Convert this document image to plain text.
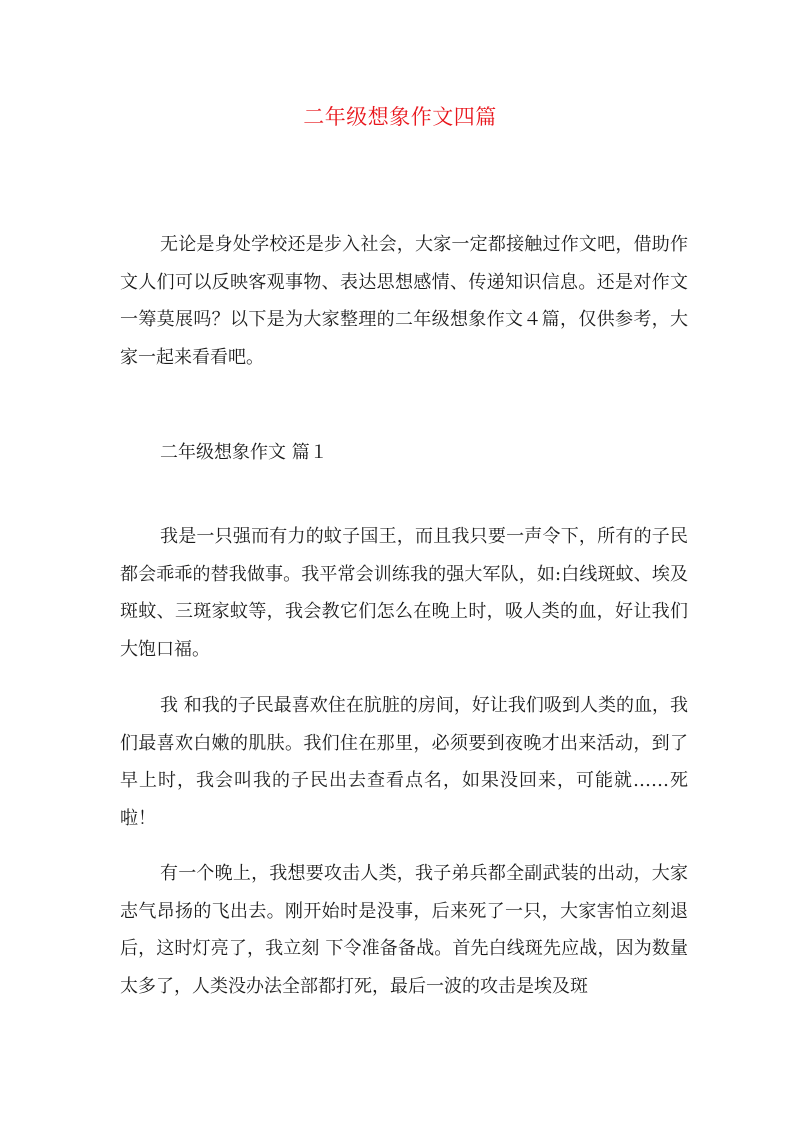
二年级想象作文四篇

无论是身处学校还是步入社会，大家一定都接触过作文吧，借助作文人们可以反映客观事物、表达思想感情、传递知识信息。还是对作文一筹莫展吗？以下是为大家整理的二年级想象作文４篇，仅供参考，大家一起来看看吧。

二年级想象作文 篇１

我是一只强而有力的蚊子国王，而且我只要一声令下，所有的子民都会乖乖的替我做事。我平常会训练我的强大军队，如:白线斑蚊、埃及斑蚊、三斑家蚊等，我会教它们怎么在晚上时，吸人类的血，好让我们大饱口福。

我 和我的子民最喜欢住在肮脏的房间，好让我们吸到人类的血，我们最喜欢白嫩的肌肤。我们住在那里，必须要到夜晚才出来活动，到了早上时，我会叫我的子民出去查看点名，如果没回来，可能就……死啦！

有一个晚上，我想要攻击人类，我子弟兵都全副武装的出动，大家志气昂扬的飞出去。刚开始时是没事，后来死了一只，大家害怕立刻退后，这时灯亮了，我立刻 下令准备备战。首先白线斑先应战，因为数量太多了，人类没办法全部都打死，最后一波的攻击是埃及斑
